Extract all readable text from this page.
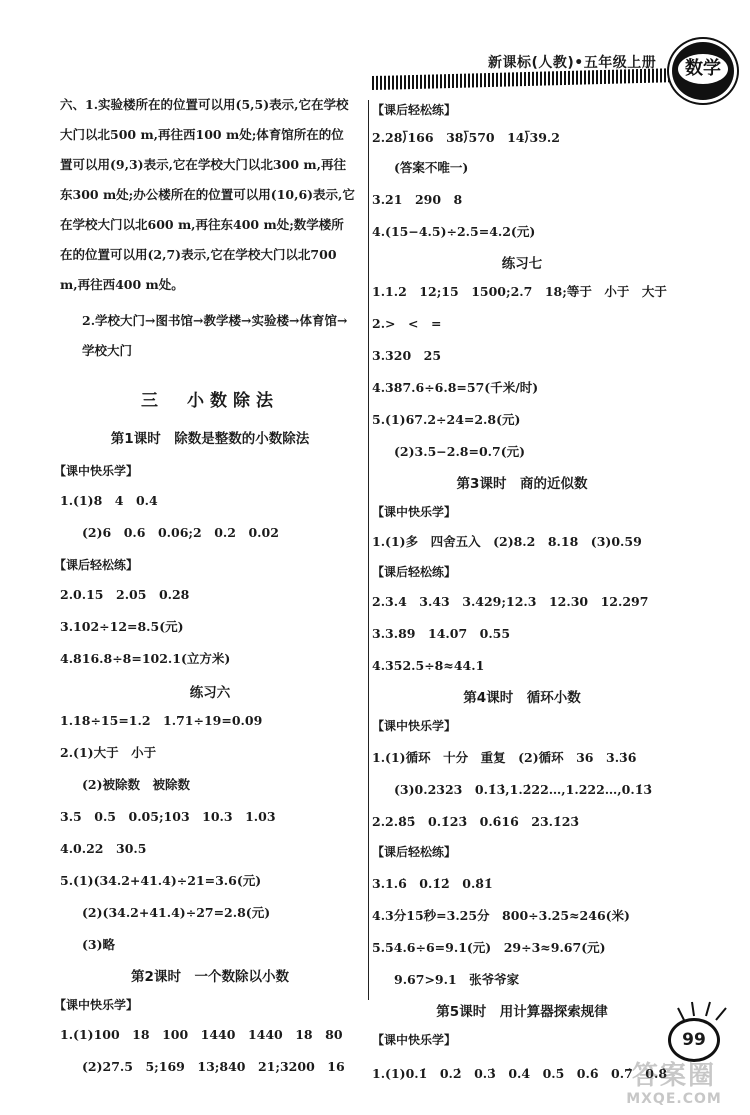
新课标(人教)•五年级上册	数学
六、1.实验楼所在的位置可以用(5,5)表示,它在学校大门以北500 m,再往西100 m处;体育馆所在的位置可以用(9,3)表示,它在学校大门以北300 m,再往东300 m处;办公楼所在的位置可以用(10,6)表示,它在学校大门以北600 m,再往东400 m处;数学楼所在的位置可以用(2,7)表示,它在学校大门以北700 m,再往西400 m处。
2.学校大门→图书馆→教学楼→实验楼→体育馆→学校大门
三　小数除法
第1课时　除数是整数的小数除法
【课中快乐学】
1.(1)8　4　0.4
(2)6　0.6　0.06;2　0.2　0.02
【课后轻松练】
2.0.15　2.05　0.28
3.102÷12=8.5(元)
4.816.8÷8=102.1(立方米)
练习六
1.18÷15=1.2　1.71÷19=0.09
2.(1)大于　小于
(2)被除数　被除数
3.5　0.5　0.05;103　10.3　1.03
4.0.22　30.5
5.(1)(34.2+41.4)÷21=3.6(元)
(2)(34.2+41.4)÷27=2.8(元)
(3)略
第2课时　一个数除以小数
【课中快乐学】
1.(1)100　18　100　1440　1440　18　80
(2)27.5　5;169　13;840　21;3200　16
【课后轻松练】
2.28⟌166　38⟌570　14⟌39.2
(答案不唯一)
3.21　290　8
4.(15−4.5)÷2.5=4.2(元)
练习七
1.1.2　12;15　1500;2.7　18;等于　小于　大于
2.>　<　=
3.320　25
4.387.6÷6.8=57(千米/时)
5.(1)67.2÷24=2.8(元)
(2)3.5−2.8=0.7(元)
第3课时　商的近似数
【课中快乐学】
1.(1)多　四舍五入　(2)8.2　8.18　(3)0.59
【课后轻松练】
2.3.4　3.43　3.429;12.3　12.30　12.297
3.3.89　14.07　0.55
4.352.5÷8≈44.1
第4课时　循环小数
【课中快乐学】
1.(1)循环　十分　重复　(2)循环　36　3.3̇6̇
(3)0.2323　0.1̇3̇,1.2̇22…,1.222…,0.1̇3̇
2.2.8̇5̇　0.1̇23̇　0.6̇16̇　23.1̇23̇
【课后轻松练】
3.1.6̇　0.1̇2̇　0.8̇1̇
4.3分15秒=3.25分　800÷3.25≈246(米)
5.54.6÷6=9.1(元)　29÷3≈9.67(元)
9.67>9.1　张爷爷家
第5课时　用计算器探索规律
【课中快乐学】
1.(1)0.1̇　0.2̇　0.3̇　0.4̇　0.5̇　0.6̇　0.7̇　0.8̇
99
答案圈
MXQE.COM
